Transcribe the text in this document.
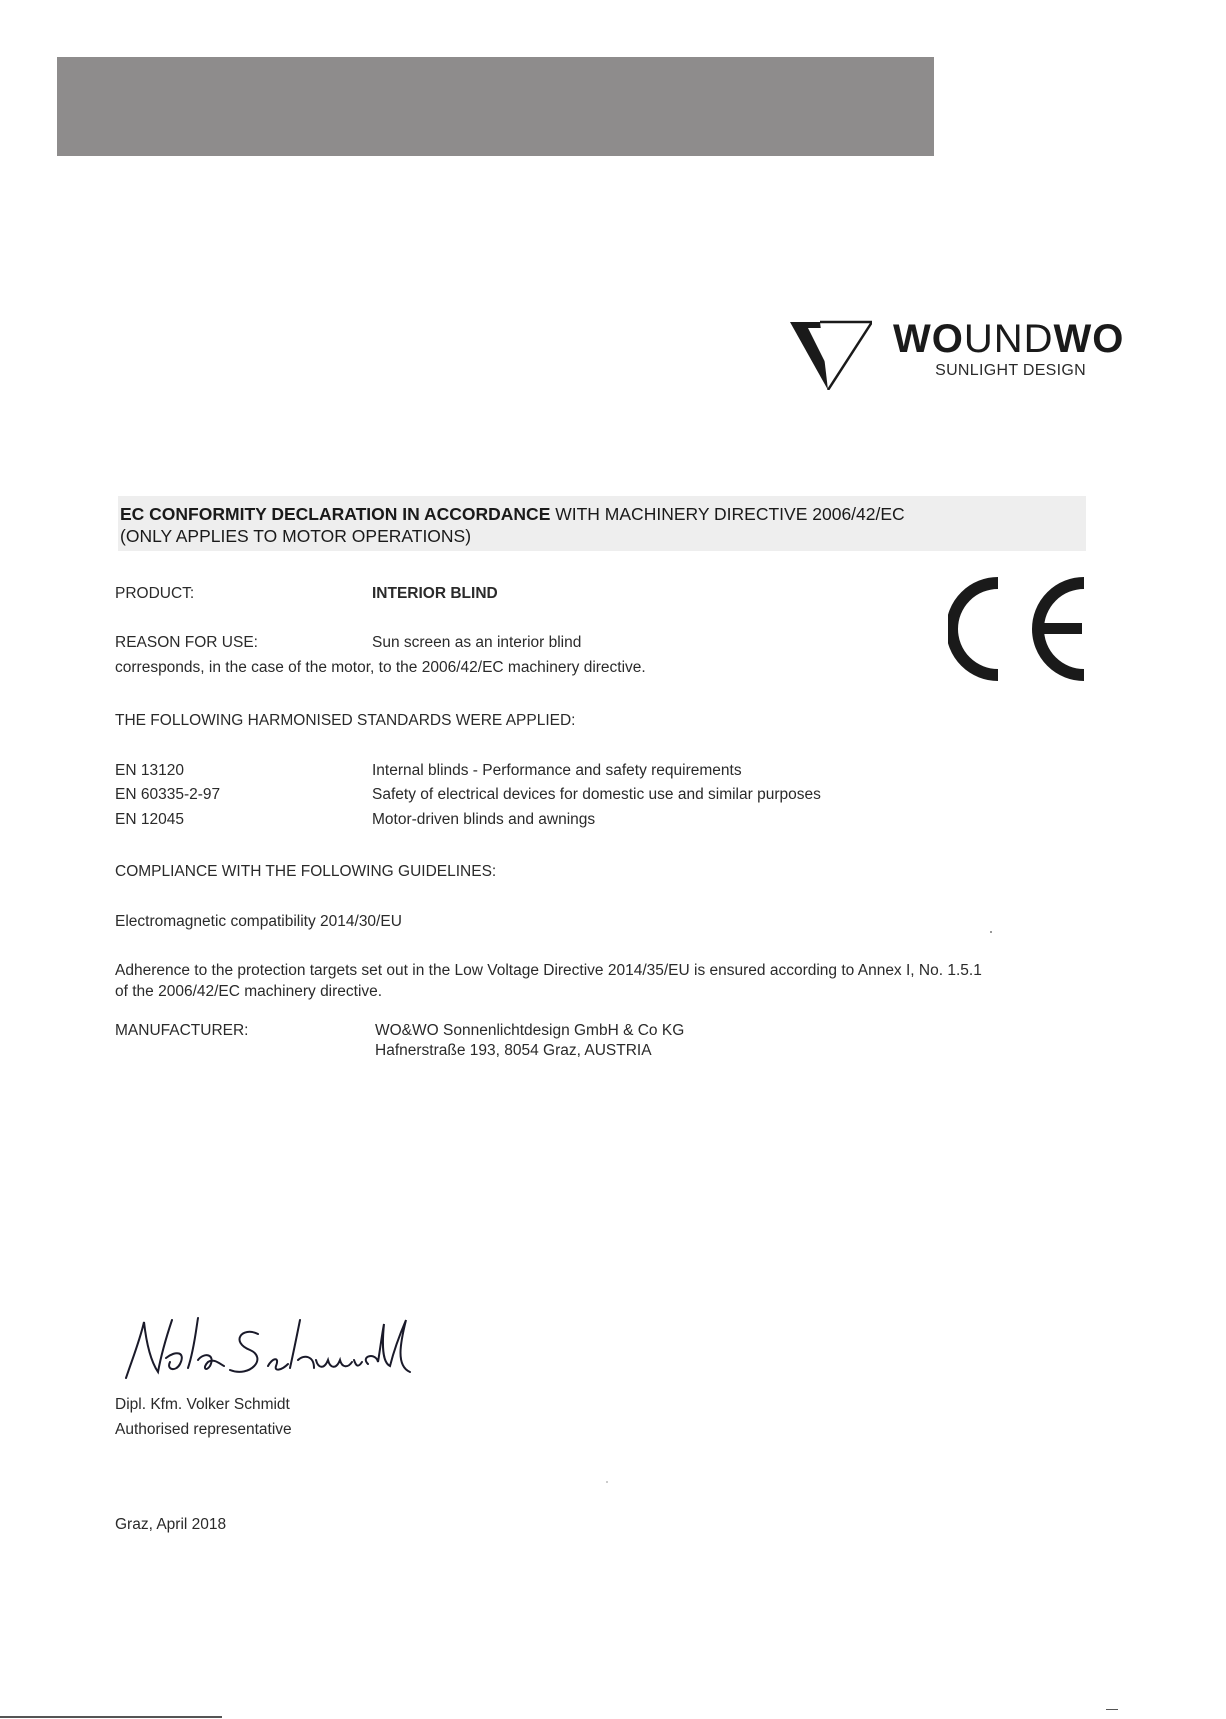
WOUNDWO
SUNLIGHT DESIGN
EC CONFORMITY DECLARATION IN ACCORDANCE WITH MACHINERY DIRECTIVE 2006/42/EC
(ONLY APPLIES TO MOTOR OPERATIONS)
PRODUCT:	INTERIOR BLIND
REASON FOR USE:	Sun screen as an interior blind
corresponds, in the case of the motor, to the 2006/42/EC machinery directive.
THE FOLLOWING HARMONISED STANDARDS WERE APPLIED:
EN 13120	Internal blinds - Performance and safety requirements
EN 60335-2-97	Safety of electrical devices for domestic use and similar purposes
EN 12045	Motor-driven blinds and awnings
COMPLIANCE WITH THE FOLLOWING GUIDELINES:
Electromagnetic compatibility 2014/30/EU
Adherence to the protection targets set out in the Low Voltage Directive 2014/35/EU is ensured according to Annex I, No. 1.5.1
of the 2006/42/EC machinery directive.
MANUFACTURER:	WO&WO Sonnenlichtdesign GmbH & Co KG
Hafnerstraße 193, 8054 Graz, AUSTRIA
Dipl. Kfm. Volker Schmidt
Authorised representative
Graz, April 2018
